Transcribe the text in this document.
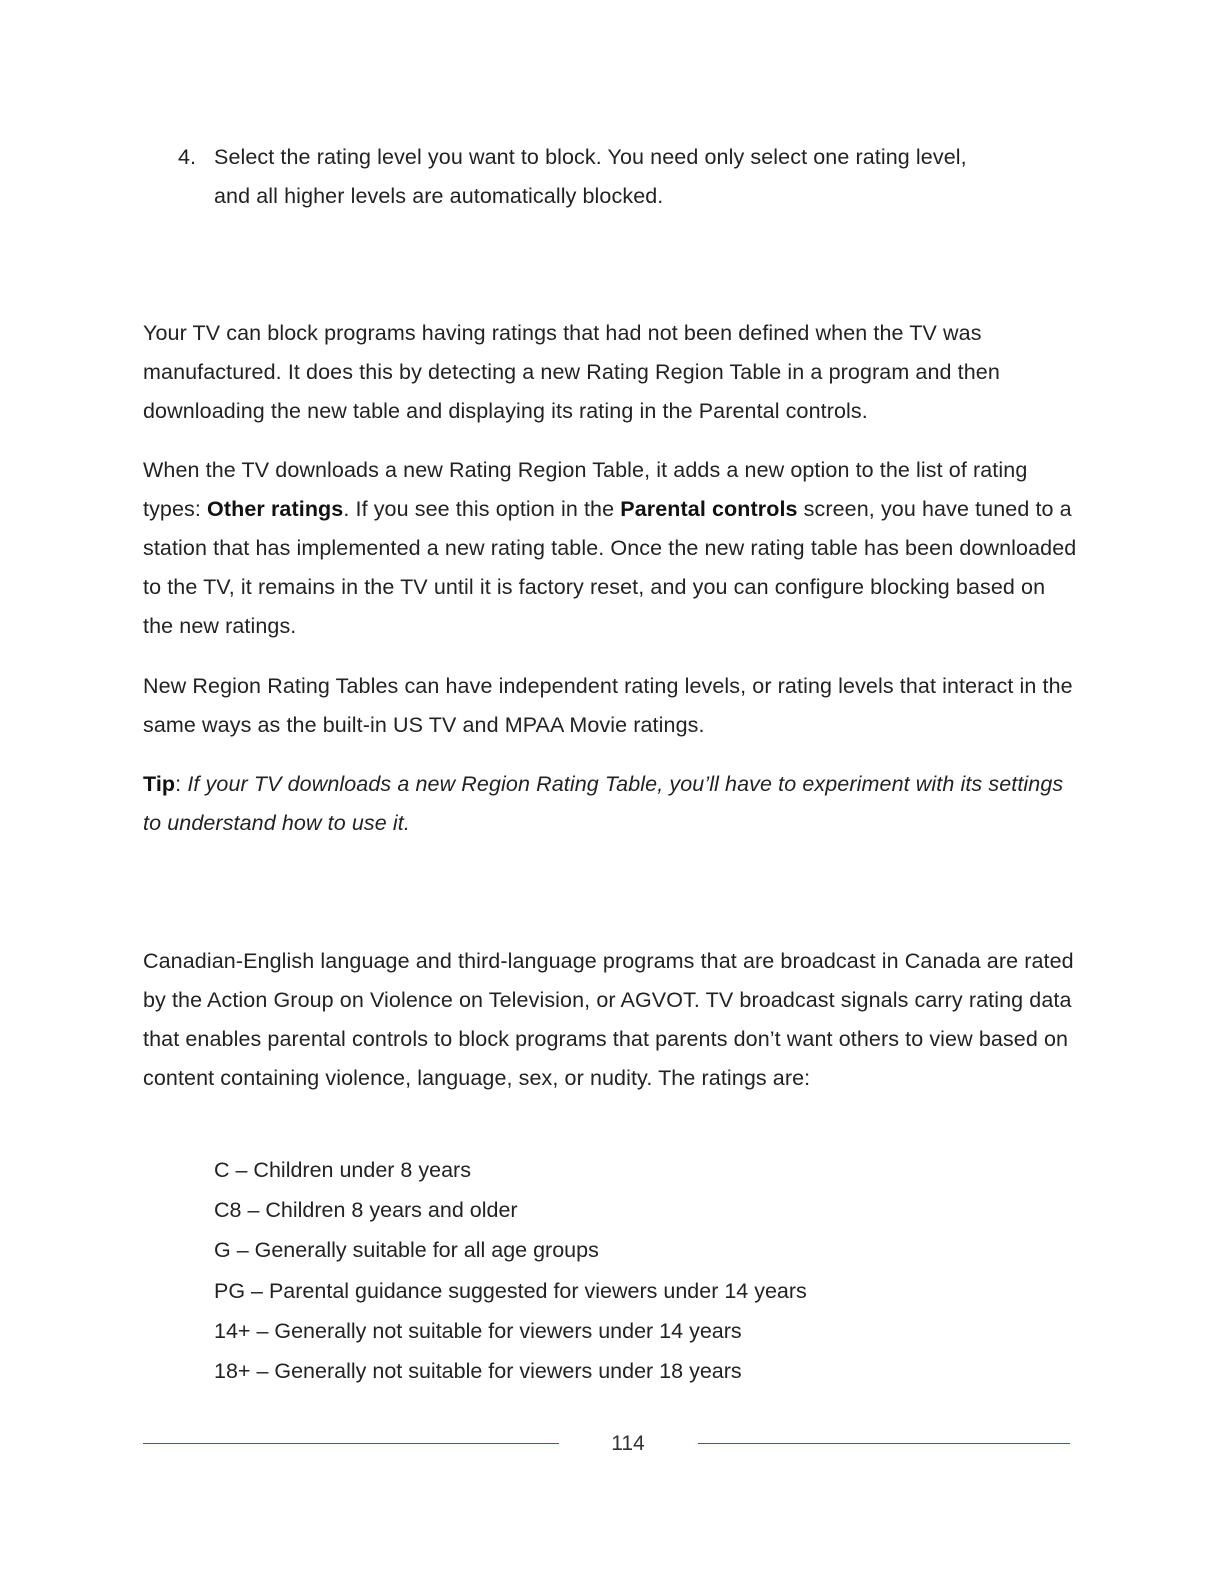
4. Select the rating level you want to block. You need only select one rating level,
and all higher levels are automatically blocked.

Your TV can block programs having ratings that had not been defined when the TV was manufactured. It does this by detecting a new Rating Region Table in a program and then downloading the new table and displaying its rating in the Parental controls.

When the TV downloads a new Rating Region Table, it adds a new option to the list of rating types: Other ratings. If you see this option in the Parental controls screen, you have tuned to a station that has implemented a new rating table. Once the new rating table has been downloaded to the TV, it remains in the TV until it is factory reset, and you can configure blocking based on the new ratings.

New Region Rating Tables can have independent rating levels, or rating levels that interact in the same ways as the built-in US TV and MPAA Movie ratings.

Tip: If your TV downloads a new Region Rating Table, you’ll have to experiment with its settings to understand how to use it.

Canadian-English language and third-language programs that are broadcast in Canada are rated by the Action Group on Violence on Television, or AGVOT. TV broadcast signals carry rating data that enables parental controls to block programs that parents don’t want others to view based on content containing violence, language, sex, or nudity. The ratings are:

C – Children under 8 years
C8 – Children 8 years and older
G – Generally suitable for all age groups
PG – Parental guidance suggested for viewers under 14 years
14+ – Generally not suitable for viewers under 14 years
18+ – Generally not suitable for viewers under 18 years
114
